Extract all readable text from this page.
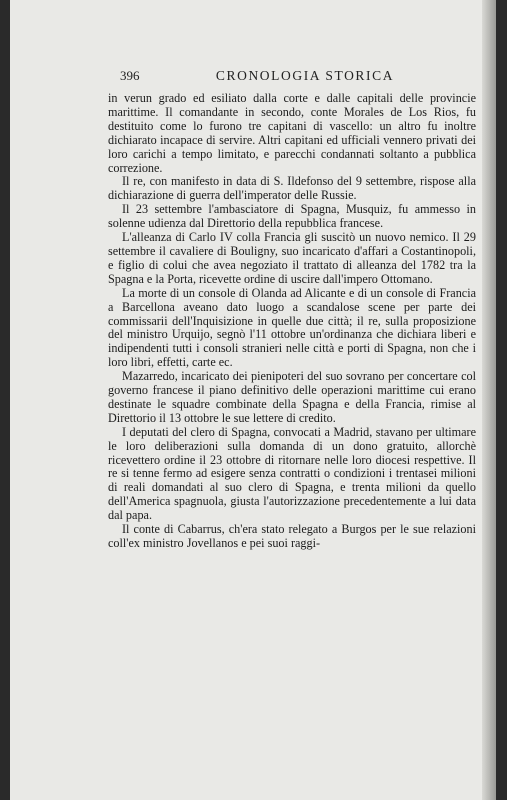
396	CRONOLOGIA STORICA

in verun grado ed esiliato dalla corte e dalle capitali delle provincie marittime. Il comandante in secondo, conte Morales de Los Rios, fu destituito come lo furono tre capitani di vascello: un altro fu inoltre dichiarato incapace di servire. Altri capitani ed ufficiali vennero privati dei loro carichi a tempo limitato, e parecchi condannati soltanto a pubblica correzione.

Il re, con manifesto in data di S. Ildefonso del 9 settembre, rispose alla dichiarazione di guerra dell'imperator delle Russie.

Il 23 settembre l'ambasciatore di Spagna, Musquiz, fu ammesso in solenne udienza dal Direttorio della repubblica francese.

L'alleanza di Carlo IV colla Francia gli suscitò un nuovo nemico. Il 29 settembre il cavaliere di Bouligny, suo incaricato d'affari a Costantinopoli, e figlio di colui che avea negoziato il trattato di alleanza del 1782 tra la Spagna e la Porta, ricevette ordine di uscire dall'impero Ottomano.

La morte di un console di Olanda ad Alicante e di un console di Francia a Barcellona aveano dato luogo a scandalose scene per parte dei commissarii dell'Inquisizione in quelle due città; il re, sulla proposizione del ministro Urquijo, segnò l'11 ottobre un'ordinanza che dichiara liberi e indipendenti tutti i consoli stranieri nelle città e porti di Spagna, non che i loro libri, effetti, carte ec.

Mazarredo, incaricato dei pienipoteri del suo sovrano per concertare col governo francese il piano definitivo delle operazioni marittime cui erano destinate le squadre combinate della Spagna e della Francia, rimise al Direttorio il 13 ottobre le sue lettere di credito.

I deputati del clero di Spagna, convocati a Madrid, stavano per ultimare le loro deliberazioni sulla domanda di un dono gratuito, allorchè ricevettero ordine il 23 ottobre di ritornare nelle loro diocesi respettive. Il re si tenne fermo ad esigere senza contratti o condizioni i trentasei milioni di reali domandati al suo clero di Spagna, e trenta milioni da quello dell'America spagnuola, giusta l'autorizzazione precedentemente a lui data dal papa.

Il conte di Cabarrus, ch'era stato relegato a Burgos per le sue relazioni coll'ex ministro Jovellanos e pei suoi raggi-
